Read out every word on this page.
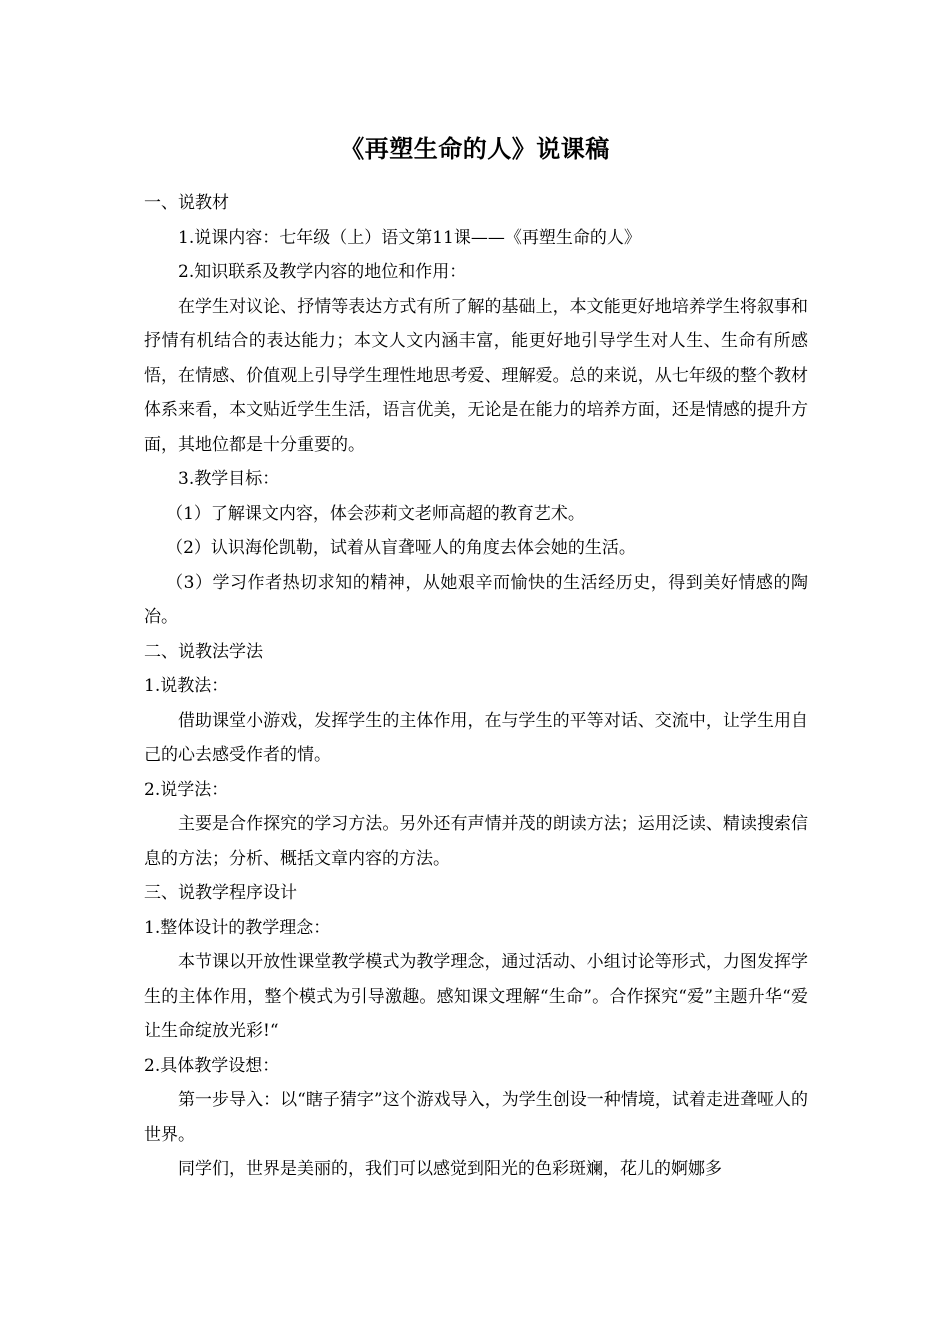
《再塑生命的人》说课稿

一、说教材

1.说课内容：七年级（上）语文第11课——《再塑生命的人》

2.知识联系及教学内容的地位和作用：

在学生对议论、抒情等表达方式有所了解的基础上，本文能更好地培养学生将叙事和抒情有机结合的表达能力；本文人文内涵丰富，能更好地引导学生对人生、生命有所感悟，在情感、价值观上引导学生理性地思考爱、理解爱。总的来说，从七年级的整个教材体系来看，本文贴近学生生活，语言优美，无论是在能力的培养方面，还是情感的提升方面，其地位都是十分重要的。

3.教学目标：

（1）了解课文内容，体会莎莉文老师高超的教育艺术。

（2）认识海伦凯勒，试着从盲聋哑人的角度去体会她的生活。

（3）学习作者热切求知的精神，从她艰辛而愉快的生活经历史，得到美好情感的陶冶。

二、说教法学法

1.说教法：

借助课堂小游戏，发挥学生的主体作用，在与学生的平等对话、交流中，让学生用自己的心去感受作者的情。

2.说学法：

主要是合作探究的学习方法。另外还有声情并茂的朗读方法；运用泛读、精读搜索信息的方法；分析、概括文章内容的方法。

三、说教学程序设计

1.整体设计的教学理念：

本节课以开放性课堂教学模式为教学理念，通过活动、小组讨论等形式，力图发挥学生的主体作用，整个模式为引导激趣。感知课文理解“生命”。合作探究“爱”主题升华“爱让生命绽放光彩!“

2.具体教学设想：

第一步导入：以“瞎子猜字”这个游戏导入，为学生创设一种情境，试着走进聋哑人的世界。

同学们，世界是美丽的，我们可以感觉到阳光的色彩斑斓，花儿的婀娜多
